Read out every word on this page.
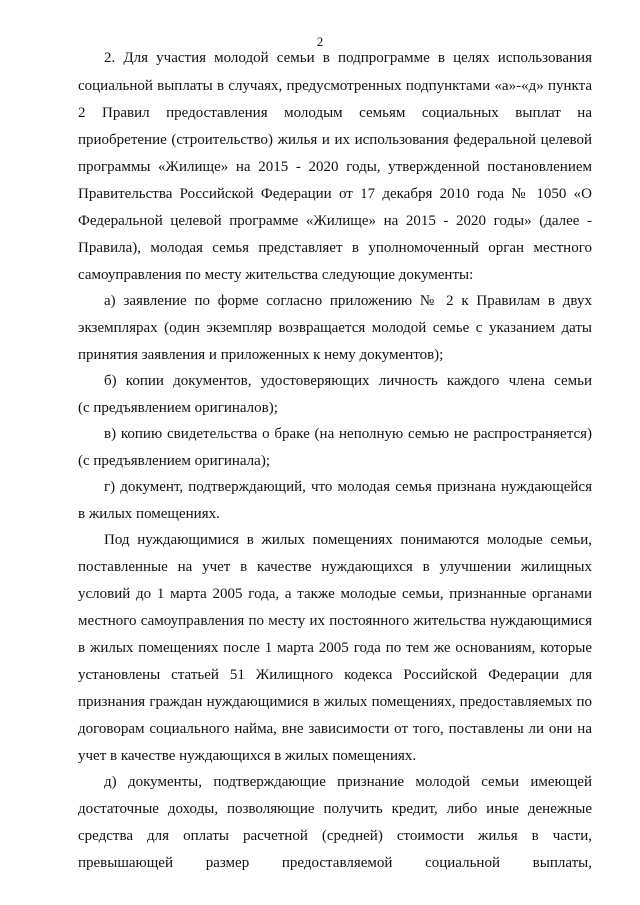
2
2. Для участия молодой семьи в подпрограмме в целях использования
социальной выплаты в случаях, предусмотренных подпунктами «а»-«д» пункта
2 Правил предоставления молодым семьям социальных выплат на
приобретение (строительство) жилья и их использования федеральной целевой
программы «Жилище» на 2015 - 2020 годы, утвержденной постановлением
Правительства Российской Федерации от 17 декабря 2010 года № 1050 «О
Федеральной целевой программе «Жилище» на 2015 - 2020 годы» (далее -
Правила), молодая семья представляет в уполномоченный орган местного
самоуправления по месту жительства следующие документы:
а) заявление по форме согласно приложению № 2 к Правилам в двух
экземплярах (один экземпляр возвращается молодой семье с указанием даты
принятия заявления и приложенных к нему документов);
б) копии документов, удостоверяющих личность каждого члена семьи
(с предъявлением оригиналов);
в) копию свидетельства о браке (на неполную семью не распространяется)
(с предъявлением оригинала);
г) документ, подтверждающий, что молодая семья признана нуждающейся
в жилых помещениях.
Под нуждающимися в жилых помещениях понимаются молодые семьи,
поставленные на учет в качестве нуждающихся в улучшении жилищных
условий до 1 марта 2005 года, а также молодые семьи, признанные органами
местного самоуправления по месту их постоянного жительства нуждающимися
в жилых помещениях после 1 марта 2005 года по тем же основаниям, которые
установлены статьей 51 Жилищного кодекса Российской Федерации для
признания граждан нуждающимися в жилых помещениях, предоставляемых по
договорам социального найма, вне зависимости от того, поставлены ли они на
учет в качестве нуждающихся в жилых помещениях.
д) документы, подтверждающие признание молодой семьи имеющей
достаточные доходы, позволяющие получить кредит, либо иные денежные
средства для оплаты расчетной (средней) стоимости жилья в части,
превышающей размер предоставляемой социальной выплаты,
